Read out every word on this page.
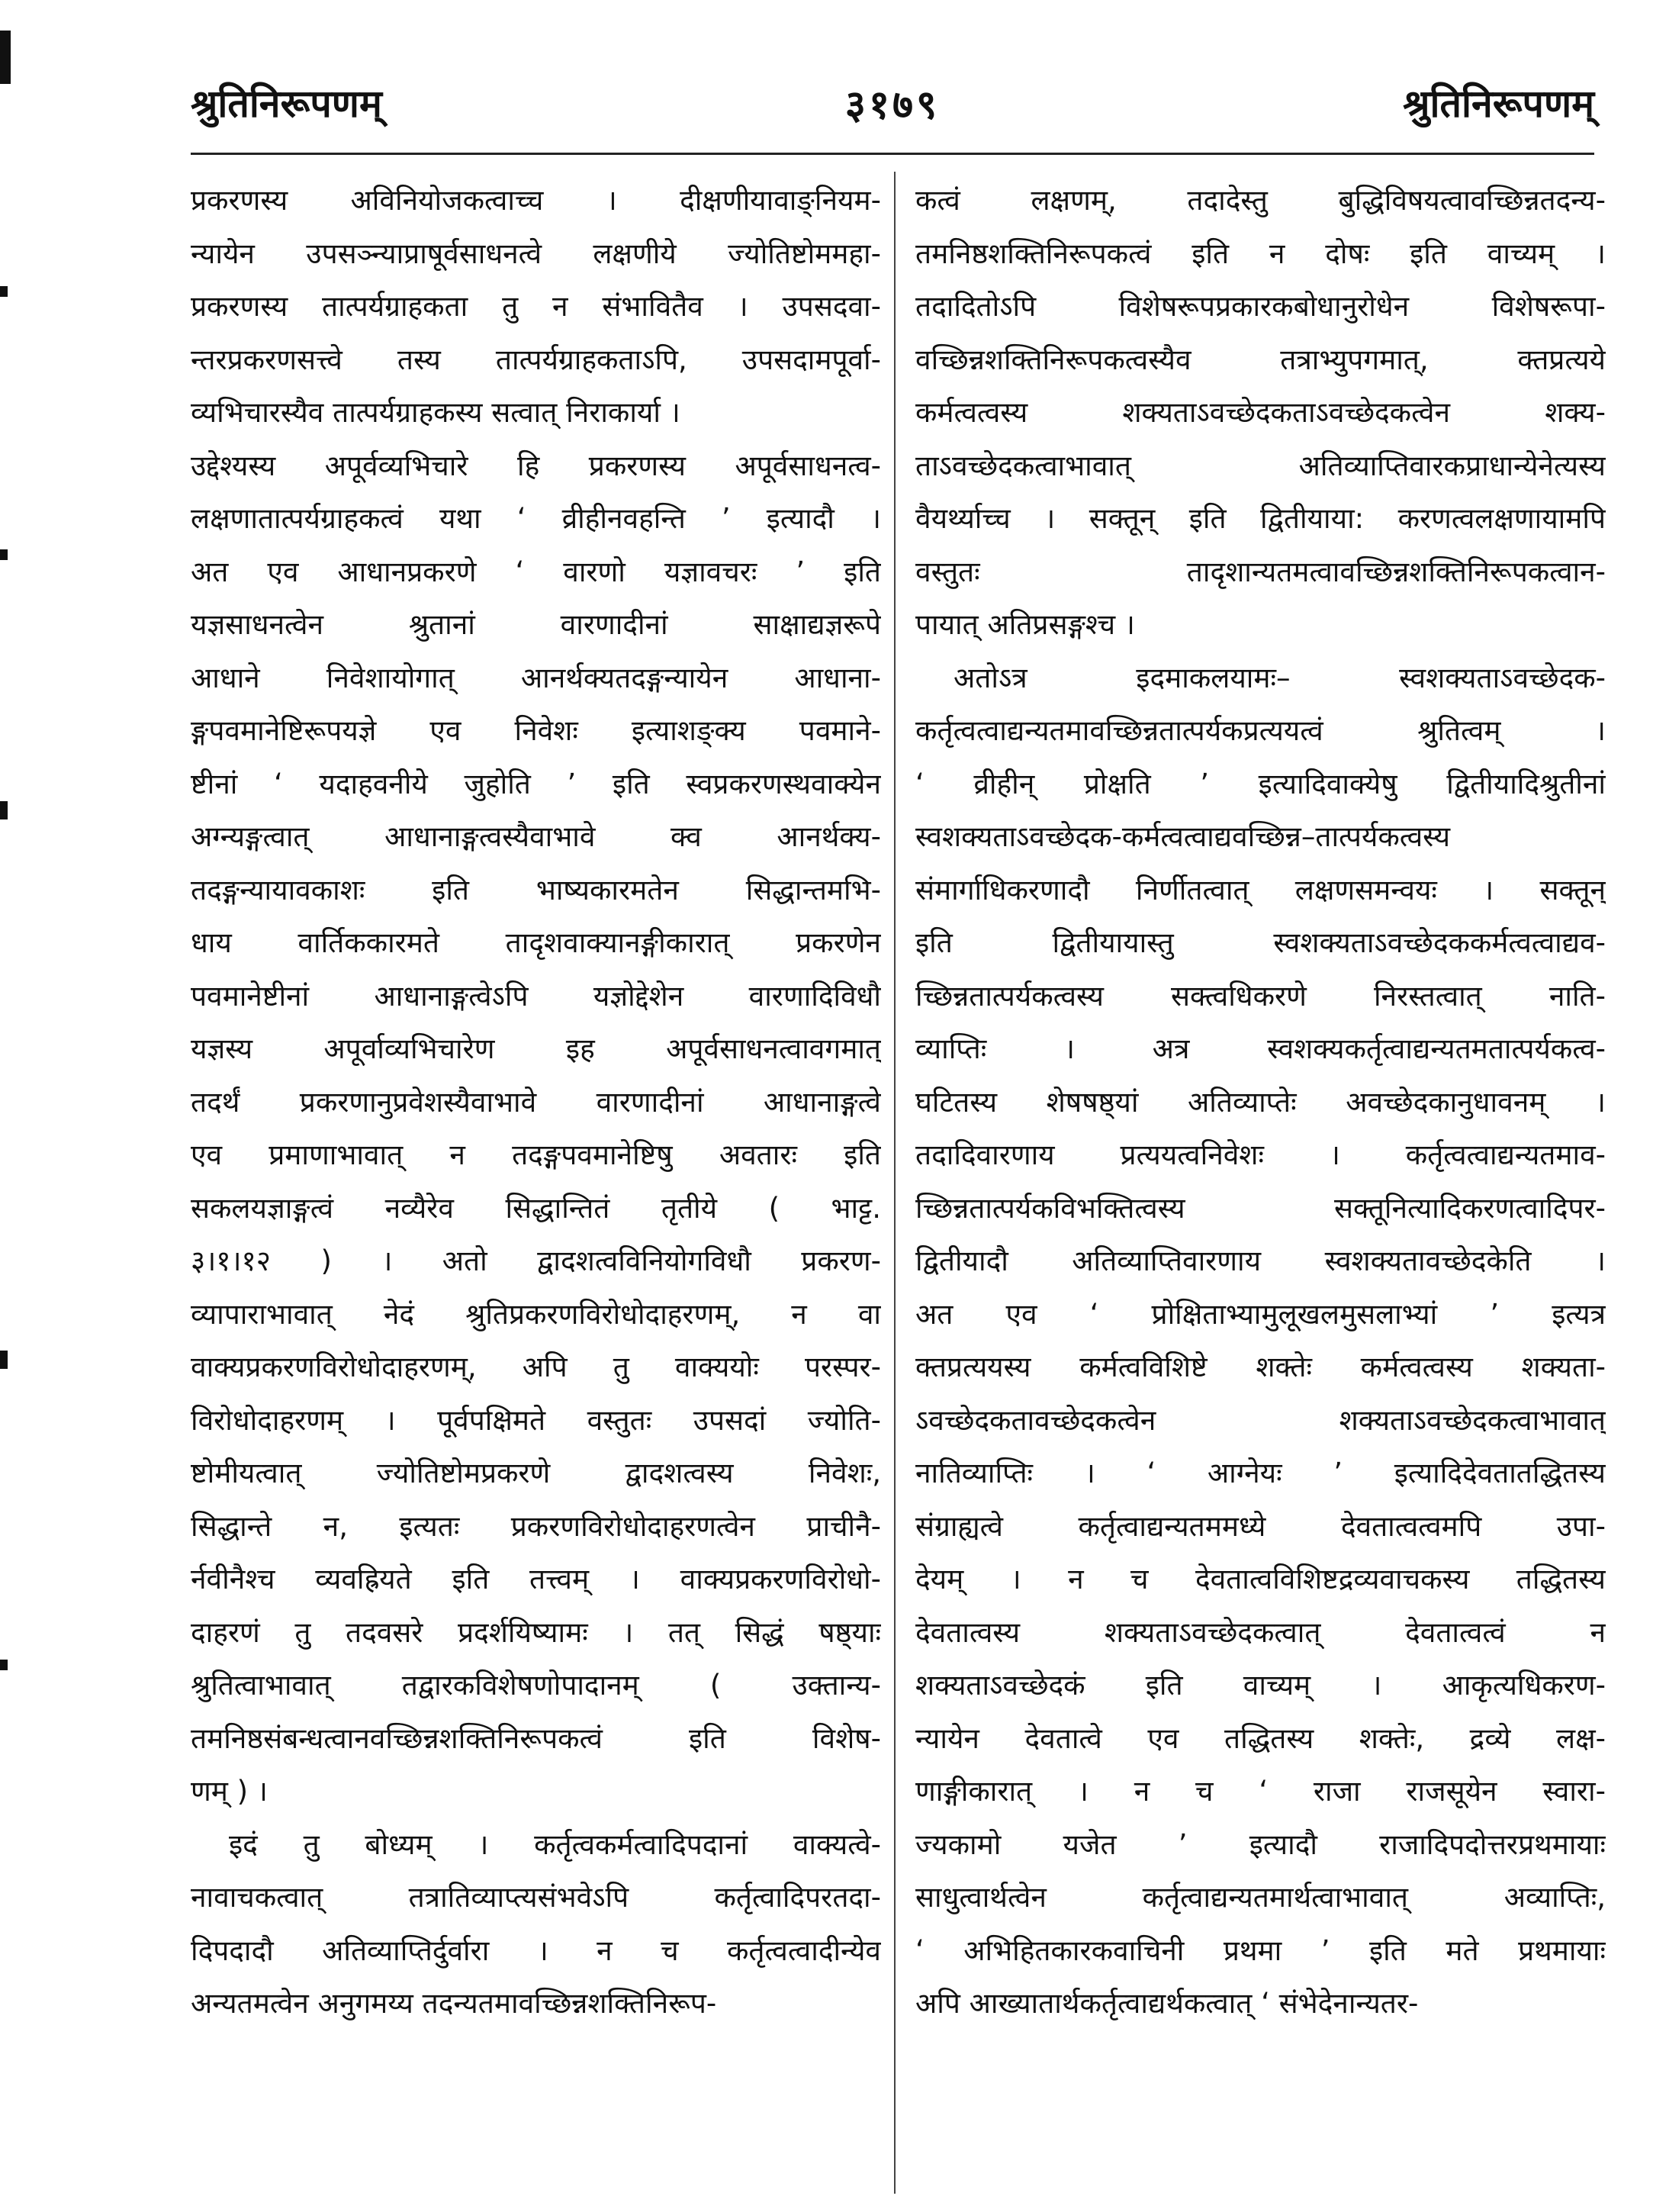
श्रुतिनिरूपणम्	३१७९	श्रुतिनिरूपणम्
प्रकरणस्य अविनियोजकत्वाच्च । दीक्षणीयावाङ्नियम-
न्यायेन उपसञ्न्याप्राषूर्वसाधनत्वे लक्षणीये ज्योतिष्टोममहा-
प्रकरणस्य तात्पर्यग्राहकता तु न संभावितैव । उपसदवा-
न्तरप्रकरणसत्त्वे तस्य तात्पर्यग्राहकताऽपि, उपसदामपूर्वा-
व्यभिचारस्यैव तात्पर्यग्राहकस्य सत्वात् निराकार्या ।
उद्देश्यस्य अपूर्वव्यभिचारे हि प्रकरणस्य अपूर्वसाधनत्व-
लक्षणातात्पर्यग्राहकत्वं यथा ‘ व्रीहीनवहन्ति ’ इत्यादौ ।
अत एव आधानप्रकरणे ‘ वारणो यज्ञावचरः ’ इति
यज्ञसाधनत्वेन श्रुतानां वारणादीनां साक्षाद्यज्ञरूपे
आधाने निवेशायोगात् आनर्थक्यतदङ्गन्यायेन आधाना-
ङ्गपवमानेष्टिरूपयज्ञे एव निवेशः इत्याशङ्क्य पवमाने-
ष्टीनां ‘ यदाहवनीये जुहोति ’ इति स्वप्रकरणस्थवाक्येन
अग्न्यङ्गत्वात् आधानाङ्गत्वस्यैवाभावे क्व आनर्थक्य-
तदङ्गन्यायावकाशः इति भाष्यकारमतेन सिद्धान्तमभि-
धाय वार्तिककारमते तादृशवाक्यानङ्गीकारात् प्रकरणेन
पवमानेष्टीनां आधानाङ्गत्वेऽपि यज्ञोद्देशेन वारणादिविधौ
यज्ञस्य अपूर्वाव्यभिचारेण इह अपूर्वसाधनत्वावगमात्
तदर्थं प्रकरणानुप्रवेशस्यैवाभावे वारणादीनां आधानाङ्गत्वे
एव प्रमाणाभावात् न तदङ्गपवमानेष्टिषु अवतारः इति
सकलयज्ञाङ्गत्वं नव्यैरेव सिद्धान्तितं तृतीये ( भाट्ट.
३।१।१२ ) । अतो द्वादशत्वविनियोगविधौ प्रकरण-
व्यापाराभावात् नेदं श्रुतिप्रकरणविरोधोदाहरणम्, न वा
वाक्यप्रकरणविरोधोदाहरणम्, अपि तु वाक्ययोः परस्पर-
विरोधोदाहरणम् । पूर्वपक्षिमते वस्तुतः उपसदां ज्योति-
ष्टोमीयत्वात् ज्योतिष्टोमप्रकरणे द्वादशत्वस्य निवेशः,
सिद्धान्ते न, इत्यतः प्रकरणविरोधोदाहरणत्वेन प्राचीनै-
र्नवीनैश्च व्यवह्रियते इति तत्त्वम् । वाक्यप्रकरणविरोधो-
दाहरणं तु तदवसरे प्रदर्शयिष्यामः । तत् सिद्धं षष्ठ्याः
श्रुतित्वाभावात् तद्वारकविशेषणोपादानम् ( उक्तान्य-
तमनिष्ठसंबन्धत्वानवच्छिन्नशक्तिनिरूपकत्वं इति विशेष-
णम् ) ।
इदं तु बोध्यम् । कर्तृत्वकर्मत्वादिपदानां वाक्यत्वे-
नावाचकत्वात् तत्रातिव्याप्त्यसंभवेऽपि कर्तृत्वादिपरतदा-
दिपदादौ अतिव्याप्तिर्दुर्वारा । न च कर्तृत्वत्वादीन्येव
अन्यतमत्वेन अनुगमय्य तदन्यतमावच्छिन्नशक्तिनिरूप-
कत्वं लक्षणम्, तदादेस्तु बुद्धिविषयत्वावच्छिन्नतदन्य-
तमनिष्ठशक्तिनिरूपकत्वं इति न दोषः इति वाच्यम् ।
तदादितोऽपि विशेषरूपप्रकारकबोधानुरोधेन विशेषरूपा-
वच्छिन्नशक्तिनिरूपकत्वस्यैव तत्राभ्युपगमात्, क्तप्रत्यये
कर्मत्वत्वस्य शक्यताऽवच्छेदकताऽवच्छेदकत्वेन शक्य-
ताऽवच्छेदकत्वाभावात् अतिव्याप्तिवारकप्राधान्येनेत्यस्य
वैयर्थ्याच्च । सक्तून् इति द्वितीयाया: करणत्वलक्षणायामपि
वस्तुतः तादृशान्यतमत्वावच्छिन्नशक्तिनिरूपकत्वान-
पायात् अतिप्रसङ्गश्च ।
अतोऽत्र इदमाकलयामः– स्वशक्यताऽवच्छेदक-
कर्तृत्वत्वाद्यन्यतमावच्छिन्नतात्पर्यकप्रत्ययत्वं श्रुतित्वम् ।
‘ व्रीहीन् प्रोक्षति ’ इत्यादिवाक्येषु द्वितीयादिश्रुतीनां
स्वशक्यताऽवच्छेदक-कर्मत्वत्वाद्यवच्छिन्न–तात्पर्यकत्वस्य
संमार्गाधिकरणादौ निर्णीतत्वात् लक्षणसमन्वयः । सक्तून्
इति द्वितीयायास्तु स्वशक्यताऽवच्छेदककर्मत्वत्वाद्यव-
च्छिन्नतात्पर्यकत्वस्य सक्त्वधिकरणे निरस्तत्वात् नाति-
व्याप्तिः । अत्र स्वशक्यकर्तृत्वाद्यन्यतमतात्पर्यकत्व-
घटितस्य शेषषष्ठ्यां अतिव्याप्तेः अवच्छेदकानुधावनम् ।
तदादिवारणाय प्रत्ययत्वनिवेशः । कर्तृत्वत्वाद्यन्यतमाव-
च्छिन्नतात्पर्यकविभक्तित्वस्य सक्तूनित्यादिकरणत्वादिपर-
द्वितीयादौ अतिव्याप्तिवारणाय स्वशक्यतावच्छेदकेति ।
अत एव ‘ प्रोक्षिताभ्यामुलूखलमुसलाभ्यां ’ इत्यत्र
क्तप्रत्ययस्य कर्मत्वविशिष्टे शक्तेः कर्मत्वत्वस्य शक्यता-
ऽवच्छेदकतावच्छेदकत्वेन शक्यताऽवच्छेदकत्वाभावात्
नातिव्याप्तिः । ‘ आग्नेयः ’ इत्यादिदेवतातद्धितस्य
संग्राह्यत्वे कर्तृत्वाद्यन्यतममध्ये देवतात्वत्वमपि उपा-
देयम् । न च देवतात्वविशिष्टद्रव्यवाचकस्य तद्धितस्य
देवतात्वस्य शक्यताऽवच्छेदकत्वात् देवतात्वत्वं न
शक्यताऽवच्छेदकं इति वाच्यम् । आकृत्यधिकरण-
न्यायेन देवतात्वे एव तद्धितस्य शक्तेः, द्रव्ये लक्ष-
णाङ्गीकारात् । न च ‘ राजा राजसूयेन स्वारा-
ज्यकामो यजेत ’ इत्यादौ राजादिपदोत्तरप्रथमायाः
साधुत्वार्थत्वेन कर्तृत्वाद्यन्यतमार्थत्वाभावात् अव्याप्तिः,
‘ अभिहितकारकवाचिनी प्रथमा ’ इति मते प्रथमायाः
अपि आख्यातार्थकर्तृत्वाद्यर्थकत्वात् ‘ संभेदेनान्यतर-
